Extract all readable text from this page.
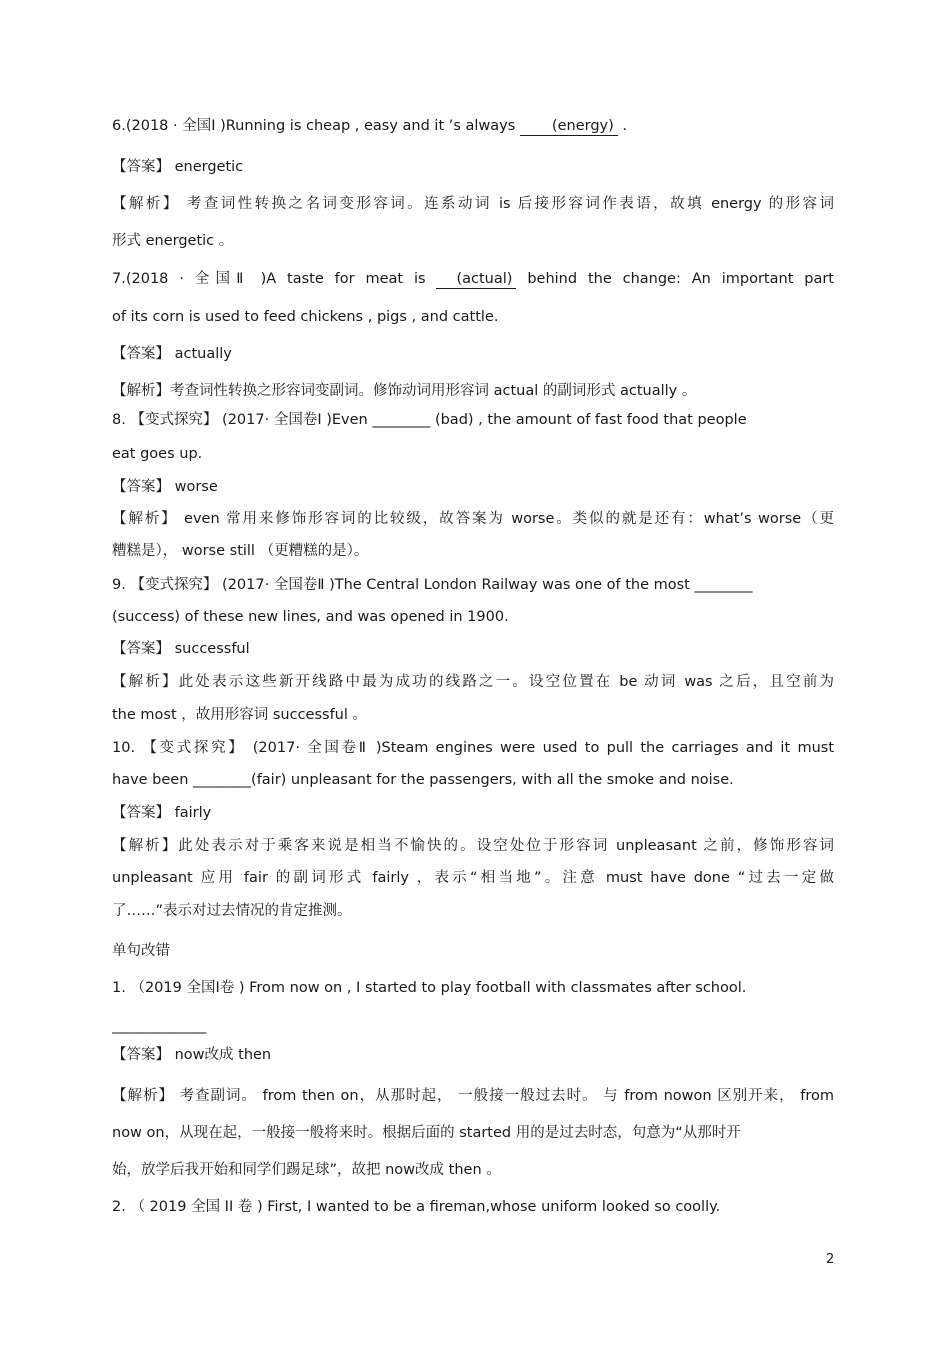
6.(2018 · 全国Ⅰ )Running is cheap , easy and it ’s always	(energy) .
【答案】 energetic
【解析】 考查词性转换之名词变形容词。连系动词 is 后接形容词作表语，故填 energy 的形容词
形式 energetic 。
7.(2018 · 全国Ⅱ )A taste for meat is (actual) behind the change: An important part
of its corn is used to feed chickens , pigs , and cattle.
【答案】 actually
【解析】考查词性转换之形容词变副词。修饰动词用形容词 actual 的副词形式 actually 。
8. 【变式探究】 (2017· 全国卷Ⅰ )Even ________ (bad) , the amount of fast food that people
eat goes up.
【答案】 worse
【解析】 even 常用来修饰形容词的比较级，故答案为 worse。类似的就是还有：what’s worse（更
糟糕是）， worse still （更糟糕的是）。
9. 【变式探究】 (2017· 全国卷Ⅱ )The Central London Railway was one of the most ________
(success) of these new lines, and was opened in 1900.
【答案】 successful
【解析】此处表示这些新开线路中最为成功的线路之一。设空位置在 be 动词 was 之后，且空前为
the most ，故用形容词 successful 。
10. 【变式探究】 (2017· 全国卷Ⅱ )Steam engines were used to pull the carriages and it must
have been ________(fair) unpleasant for the passengers, with all the smoke and noise.
【答案】 fairly
【解析】此处表示对于乘客来说是相当不愉快的。设空处位于形容词 unpleasant 之前，修饰形容词
unpleasant 应用 fair 的副词形式 fairly ，表示“相当地”。注意 must have done “过去一定做
了……”表示对过去情况的肯定推测。
单句改错
1. （2019 全国Ⅰ卷 ) From now on , I started to play football with classmates after school.
_____________
【答案】 now改成 then
【解析】 考查副词。 from then on，从那时起， 一般接一般过去时。 与 from nowon 区别开来， from
now on，从现在起，一般接一般将来时。根据后面的 started 用的是过去时态，句意为“从那时开
始，放学后我开始和同学们踢足球”，故把 now改成 then 。
2. （ 2019 全国 II 卷 ) First, I wanted to be a fireman,whose uniform looked so coolly.
2
